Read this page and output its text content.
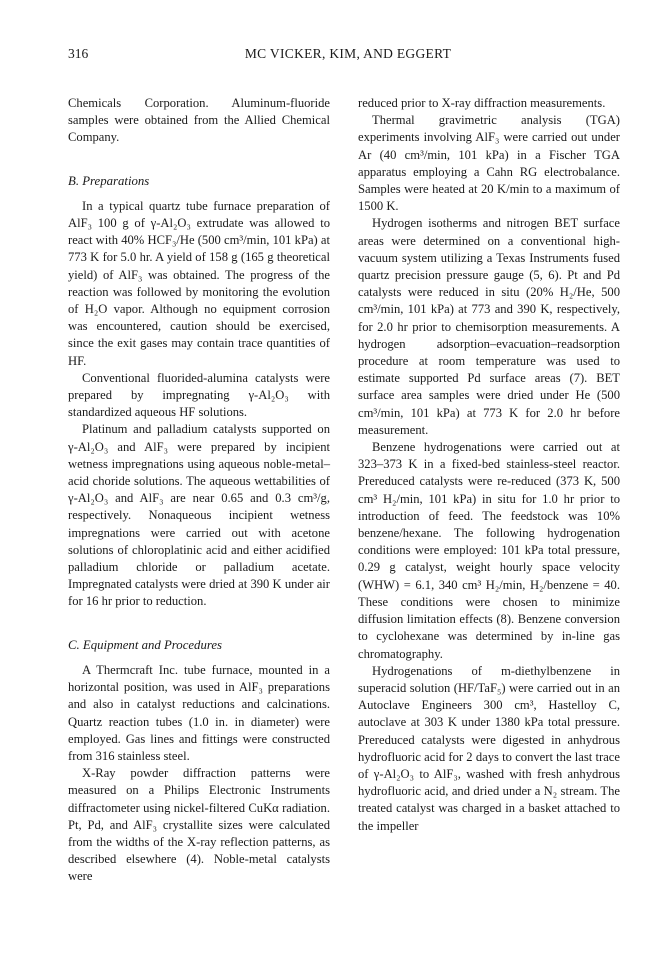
316	MC VICKER, KIM, AND EGGERT

Chemicals Corporation. Aluminum-fluoride samples were obtained from the Allied Chemical Company.

B. Preparations

In a typical quartz tube furnace preparation of AlF₃ 100 g of γ-Al₂O₃ extrudate was allowed to react with 40% HCF₃/He (500 cm³/min, 101 kPa) at 773 K for 5.0 hr. A yield of 158 g (165 g theoretical yield) of AlF₃ was obtained. The progress of the reaction was followed by monitoring the evolution of H₂O vapor. Although no equipment corrosion was encountered, caution should be exercised, since the exit gases may contain trace quantities of HF.

Conventional fluorided-alumina catalysts were prepared by impregnating γ-Al₂O₃ with standardized aqueous HF solutions.

Platinum and palladium catalysts supported on γ-Al₂O₃ and AlF₃ were prepared by incipient wetness impregnations using aqueous noble-metal–acid choride solutions. The aqueous wettabilities of γ-Al₂O₃ and AlF₃ are near 0.65 and 0.3 cm³/g, respectively. Nonaqueous incipient wetness impregnations were carried out with acetone solutions of chloroplatinic acid and either acidified palladium chloride or palladium acetate. Impregnated catalysts were dried at 390 K under air for 16 hr prior to reduction.

C. Equipment and Procedures

A Thermcraft Inc. tube furnace, mounted in a horizontal position, was used in AlF₃ preparations and also in catalyst reductions and calcinations. Quartz reaction tubes (1.0 in. in diameter) were employed. Gas lines and fittings were constructed from 316 stainless steel.

X-Ray powder diffraction patterns were measured on a Philips Electronic Instruments diffractometer using nickel-filtered CuKα radiation. Pt, Pd, and AlF₃ crystallite sizes were calculated from the widths of the X-ray reflection patterns, as described elsewhere (4). Noble-metal catalysts were

reduced prior to X-ray diffraction measurements.

Thermal gravimetric analysis (TGA) experiments involving AlF₃ were carried out under Ar (40 cm³/min, 101 kPa) in a Fischer TGA apparatus employing a Cahn RG electrobalance. Samples were heated at 20 K/min to a maximum of 1500 K.

Hydrogen isotherms and nitrogen BET surface areas were determined on a conventional high-vacuum system utilizing a Texas Instruments fused quartz precision pressure gauge (5, 6). Pt and Pd catalysts were reduced in situ (20% H₂/He, 500 cm³/min, 101 kPa) at 773 and 390 K, respectively, for 2.0 hr prior to chemisorption measurements. A hydrogen adsorption–evacuation–readsorption procedure at room temperature was used to estimate supported Pd surface areas (7). BET surface area samples were dried under He (500 cm³/min, 101 kPa) at 773 K for 2.0 hr before measurement.

Benzene hydrogenations were carried out at 323–373 K in a fixed-bed stainless-steel reactor. Prereduced catalysts were re-reduced (373 K, 500 cm³ H₂/min, 101 kPa) in situ for 1.0 hr prior to introduction of feed. The feedstock was 10% benzene/hexane. The following hydrogenation conditions were employed: 101 kPa total pressure, 0.29 g catalyst, weight hourly space velocity (WHW) = 6.1, 340 cm³ H₂/min, H₂/benzene = 40. These conditions were chosen to minimize diffusion limitation effects (8). Benzene conversion to cyclohexane was determined by in-line gas chromatography.

Hydrogenations of m-diethylbenzene in superacid solution (HF/TaF₅) were carried out in an Autoclave Engineers 300 cm³, Hastelloy C, autoclave at 303 K under 1380 kPa total pressure. Prereduced catalysts were digested in anhydrous hydrofluoric acid for 2 days to convert the last trace of γ-Al₂O₃ to AlF₃, washed with fresh anhydrous hydrofluoric acid, and dried under a N₂ stream. The treated catalyst was charged in a basket attached to the impeller
